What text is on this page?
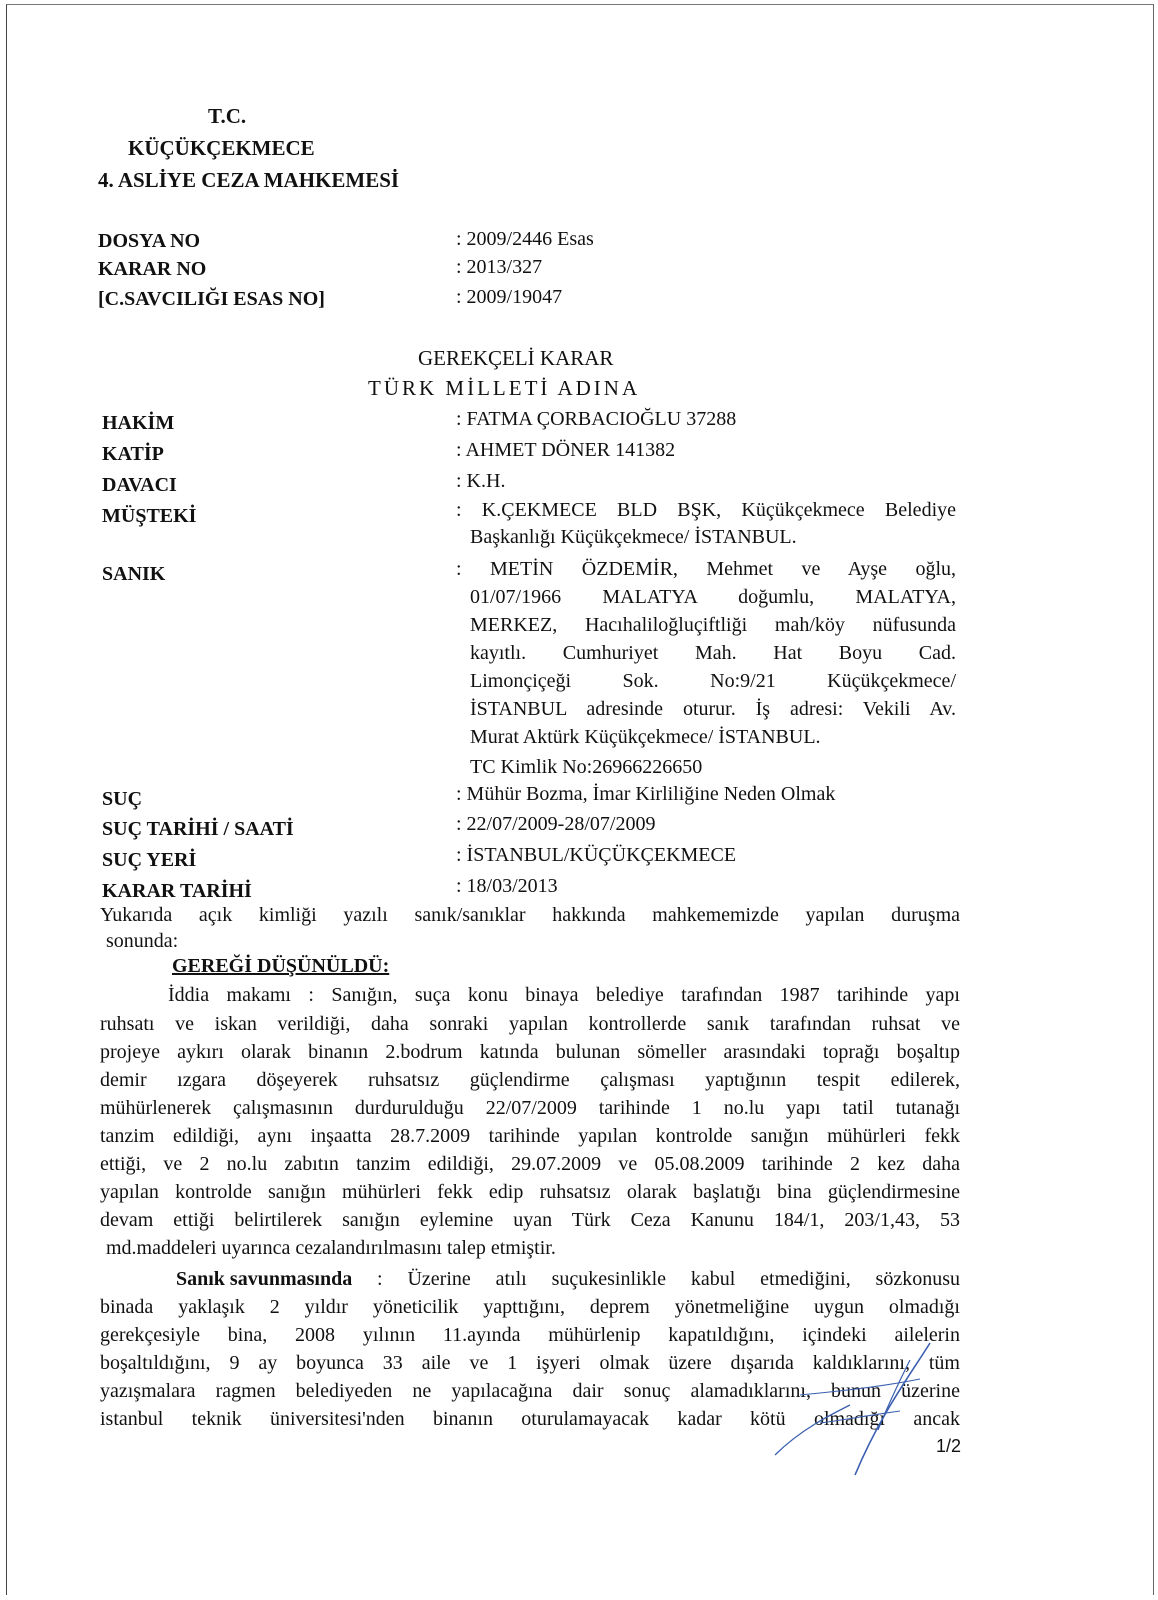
T.C.
KÜÇÜKÇEKMECE
4. ASLİYE CEZA MAHKEMESİ
DOSYA NO	: 2009/2446 Esas
KARAR NO	: 2013/327
[C.SAVCILIĞI ESAS NO]	: 2009/19047
GEREKÇELİ KARAR
TÜRK MİLLETİ ADINA
HAKİM	: FATMA ÇORBACIOĞLU 37288
KATİP	: AHMET DÖNER 141382
DAVACI	: K.H.
MÜŞTEKİ	: K.ÇEKMECE BLD BŞK, Küçükçekmece Belediye
Başkanlığı Küçükçekmece/ İSTANBUL.
SANIK	: METİN ÖZDEMİR, Mehmet ve Ayşe oğlu,
01/07/1966 MALATYA doğumlu, MALATYA,
MERKEZ, Hacıhaliloğluçiftliği mah/köy nüfusunda
kayıtlı. Cumhuriyet Mah. Hat Boyu Cad.
Limonçiçeği Sok. No:9/21 Küçükçekmece/
İSTANBUL adresinde oturur. İş adresi: Vekili Av.
Murat Aktürk Küçükçekmece/ İSTANBUL.
TC Kimlik No:26966226650
SUÇ	: Mühür Bozma, İmar Kirliliğine Neden Olmak
SUÇ TARİHİ / SAATİ	: 22/07/2009-28/07/2009
SUÇ YERİ	: İSTANBUL/KÜÇÜKÇEKMECE
KARAR TARİHİ	: 18/03/2013
Yukarıda açık kimliği yazılı sanık/sanıklar hakkında mahkememizde yapılan duruşma
sonunda:
GEREĞİ DÜŞÜNÜLDÜ:
İddia makamı : Sanığın, suça konu binaya belediye tarafından 1987 tarihinde yapı
ruhsatı ve iskan verildiği, daha sonraki yapılan kontrollerde sanık tarafından ruhsat ve
projeye aykırı olarak binanın 2.bodrum katında bulunan sömeller arasındaki toprağı boşaltıp
demir ızgara döşeyerek ruhsatsız güçlendirme çalışması yaptığının tespit edilerek,
mühürlenerek çalışmasının durdurulduğu 22/07/2009 tarihinde 1 no.lu yapı tatil tutanağı
tanzim edildiği, aynı inşaatta 28.7.2009 tarihinde yapılan kontrolde sanığın mühürleri fekk
ettiği, ve 2 no.lu zabıtın tanzim edildiği, 29.07.2009 ve 05.08.2009 tarihinde 2 kez daha
yapılan kontrolde sanığın mühürleri fekk edip ruhsatsız olarak başlatığı bina güçlendirmesine
devam ettiği belirtilerek sanığın eylemine uyan Türk Ceza Kanunu 184/1, 203/1,43, 53
md.maddeleri uyarınca cezalandırılmasını talep etmiştir.
Sanık savunmasında : Üzerine atılı suçukesinlikle kabul etmediğini, sözkonusu
binada yaklaşık 2 yıldır yöneticilik yapttığını, deprem yönetmeliğine uygun olmadığı
gerekçesiyle bina, 2008 yılının 11.ayında mühürlenip kapatıldığını, içindeki ailelerin
boşaltıldığını, 9 ay boyunca 33 aile ve 1 işyeri olmak üzere dışarıda kaldıklarını, tüm
yazışmalara ragmen belediyeden ne yapılacağına dair sonuç alamadıklarını, bunun üzerine
istanbul teknik üniversitesi'nden binanın oturulamayacak kadar kötü olmadığı ancak
1/2
